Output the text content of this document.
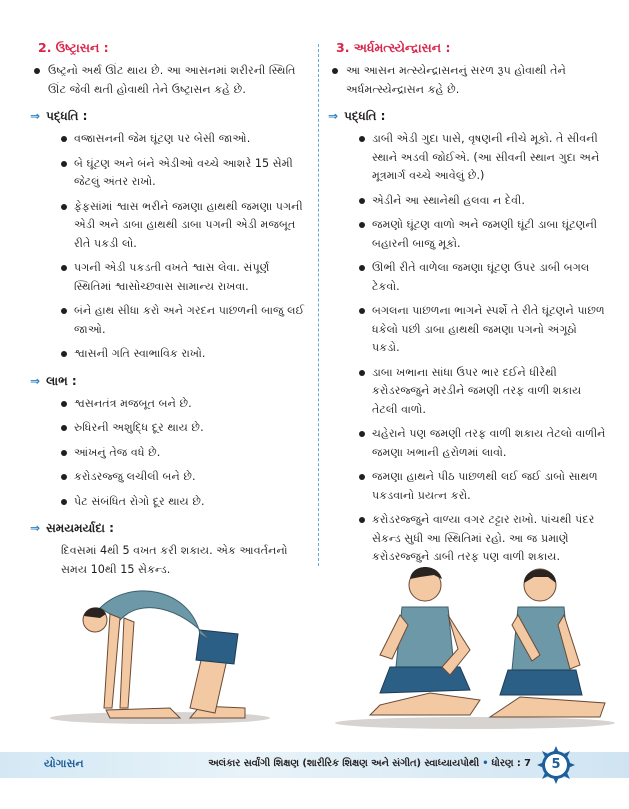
2. ઉષ્ટ્રાસન :
ઉષ્ટ્રનો અર્થ ઊંટ થાય છે. આ આસનમાં શરીરની સ્થિતિ ઊંટ જેવી થતી હોવાથી તેને ઉષ્ટ્રાસન કહે છે.
⇒ પદ્ધતિ :
વજ્રાસનની જેમ ઘૂંટણ પર બેસી જાઓ.
બે ઘૂંટણ અને બંને એડીઓ વચ્ચે આશરે 15 સેમી જેટલું અંતર રાખો.
ફેફસાંમાં શ્વાસ ભરીને જમણા હાથથી જમણા પગની એડી અને ડાબા હાથથી ડાબા પગની એડી મજબૂત રીતે પકડી લો.
પગની એડી પકડતી વખતે શ્વાસ લેવા. સંપૂર્ણ સ્થિતિમાં શ્વાસોચ્છ્વાસ સામાન્ય રાખવા.
બંને હાથ સીધા કરો અને ગરદન પાછળની બાજુ લઈ જાઓ.
શ્વાસની ગતિ સ્વાભાવિક રાખો.
⇒ લાભ :
શ્વસનતંત્ર મજબૂત બને છે.
રુધિરની અશુદ્ધિ દૂર થાય છે.
આંખનું તેજ વધે છે.
કરોડરજ્જુ લચીલી બને છે.
પેટ સંબંધિત રોગો દૂર થાય છે.
⇒ સમયમર્યાદા :

દિવસમાં 4થી 5 વખત કરી શકાય. એક આવર્તનનો
સમય 10થી 15 સેકન્ડ.

3. અર્ધમત્સ્યેન્દ્રાસન :
આ આસન મત્સ્યેન્દ્રાસનનું સરળ રૂપ હોવાથી તેને અર્ધમત્સ્યેન્દ્રાસન કહે છે.
⇒ પદ્ધતિ :
ડાબી એડી ગુદા પાસે, વૃષણની નીચે મૂકો. તે સીવની સ્થાને અડવી જોઈએ. (આ સીવની સ્થાન ગુદા અને મૂત્રમાર્ગ વચ્ચે આવેલું છે.)
એડીને આ સ્થાનેથી હલવા ન દેવી.
જમણો ઘૂંટણ વાળો અને જમણી ઘૂંટી ડાબા ઘૂંટણની બહારની બાજુ મૂકો.
ઊભી રીતે વાળેલા જમણા ઘૂંટણ ઉપર ડાબી બગલ ટેકવો.
બગલના પાછળના ભાગને સ્પર્શે તે રીતે ઘૂંટણને પાછળ ધકેલો પછી ડાબા હાથથી જમણા પગનો અંગૂઠો પકડો.
ડાબા ખભાના સાંધા ઉપર ભાર દઈને ધીરેથી કરોડરજ્જુને મરડીને જમણી તરફ વાળી શકાય તેટલી વાળો.
ચહેરાને પણ જમણી તરફ વાળી શકાય તેટલો વાળીને જમણા ખભાની હરોળમાં લાવો.
જમણા હાથને પીઠ પાછળથી લઈ જઈ ડાબો સાથળ પકડવાનો પ્રયત્ન કરો.
કરોડરજ્જુને વાળ્યા વગર ટટ્ટાર રાખો. પાંચથી પંદર સેકન્ડ સુધી આ સ્થિતિમાં રહો. આ જ પ્રમાણે કરોડરજ્જુને ડાબી તરફ પણ વાળી શકાય.
યોગાસન	અલંકાર સર્વાંગી શિક્ષણ (શારીરિક શિક્ષણ અને સંગીત) સ્વાધ્યાયપોથી • ધોરણ : 7	5
